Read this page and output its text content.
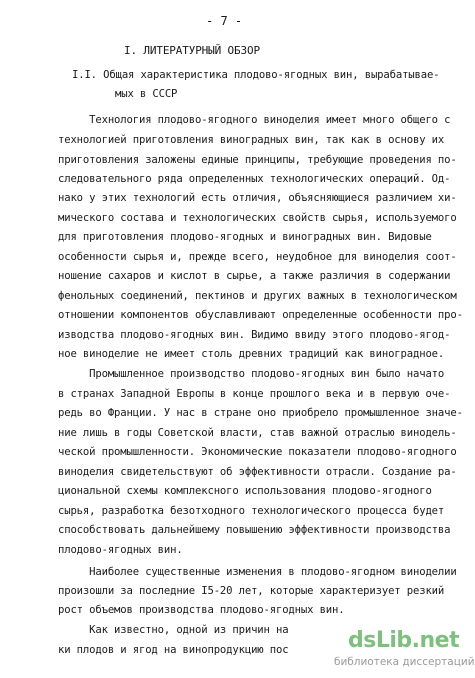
- 7 -
I. ЛИТЕРАТУРНЫЙ ОБЗОР
I.I. Общая характеристика плодово-ягодных вин, вырабатывае-
мых в СССР
Технология плодово-ягодного виноделия имеет много общего с
технологией приготовления виноградных вин, так как в основу их
приготовления заложены единые принципы, требующие проведения по-
следовательного ряда определенных технологических операций. Од-
нако у этих технологий есть отличия, объясняющиеся различием хи-
мического состава и технологических свойств сырья, используемого
для приготовления плодово-ягодных и виноградных вин. Видовые
особенности сырья и, прежде всего, неудобное для виноделия соот-
ношение сахаров и кислот в сырье, а также различия в содержании
фенольных соединений, пектинов и других важных в технологическом
отношении компонентов обуславливают определенные особенности про-
изводства плодово-ягодных вин. Видимо ввиду этого плодово-ягод-
ное виноделие не имеет столь древних традиций как виноградное.
Промышленное производство плодово-ягодных вин было начато
в странах Западной Европы в конце прошлого века и в первую оче-
редь во Франции. У нас в стране оно приобрело промышленное значе-
ние лишь в годы Советской власти, став важной отраслью винодель-
ческой промышленности. Экономические показатели плодово-ягодного
виноделия свидетельствуют об эффективности отрасли. Создание ра-
циональной схемы комплексного использования плодово-ягодного
сырья, разработка безотходного технологического процесса будет
способствовать дальнейшему повышению эффективности производства
плодово-ягодных вин.
Наиболее существенные изменения в плодово-ягодном виноделии
произошли за последние I5-20 лет, которые характеризует резкий
рост объемов производства плодово-ягодных вин.
Как известно, одной из причин на
ки плодов и ягод на винопродукцию пос	dsLib.net
библиотека диссертаций
